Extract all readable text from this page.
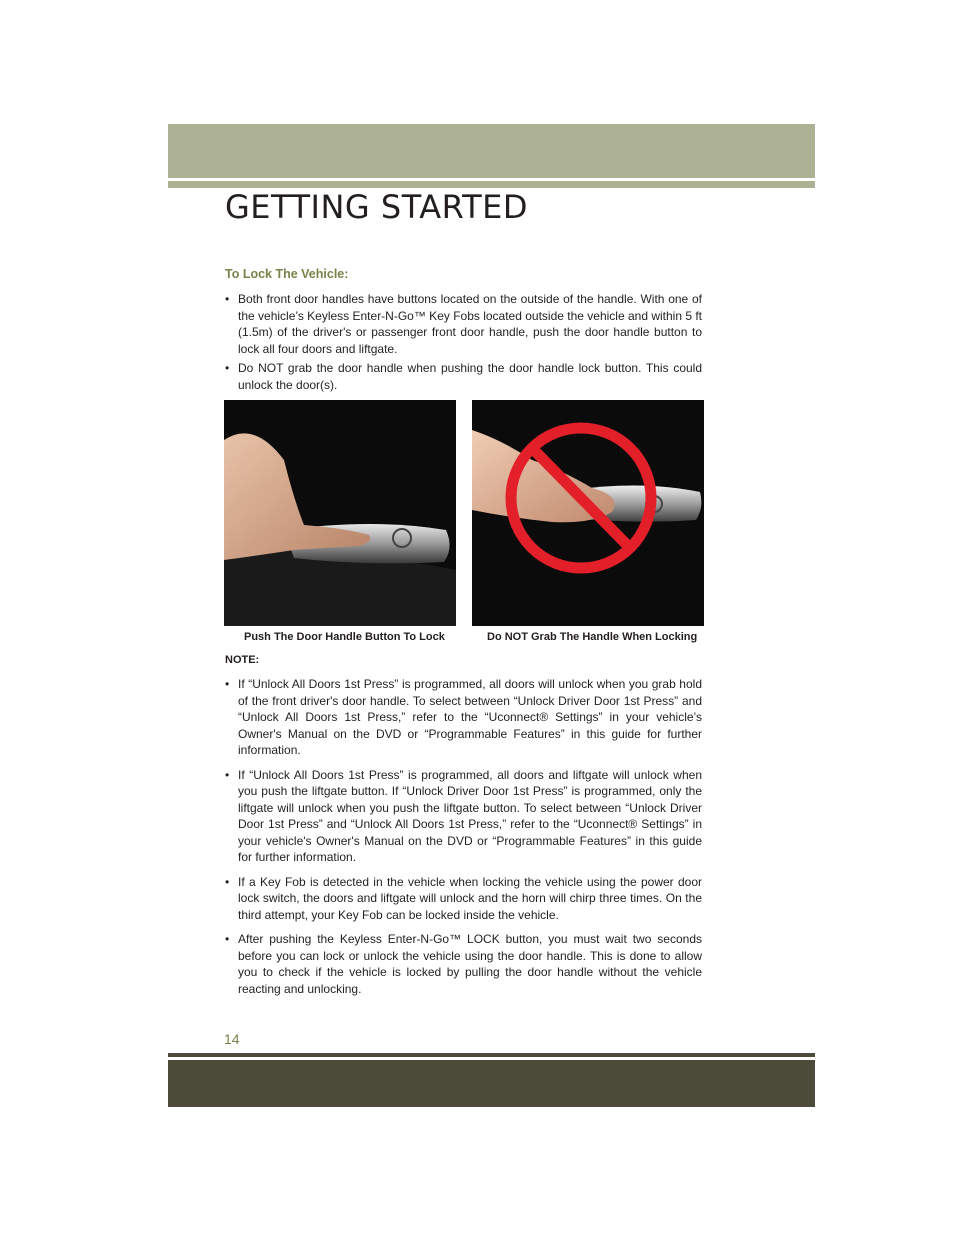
GETTING STARTED
To Lock The Vehicle:
• Both front door handles have buttons located on the outside of the handle. With one of the vehicle’s Keyless Enter-N-Go™ Key Fobs located outside the vehicle and within 5 ft (1.5m) of the driver's or passenger front door handle, push the door handle button to lock all four doors and liftgate.
• Do NOT grab the door handle when pushing the door handle lock button. This could unlock the door(s).

Push The Door Handle Button To Lock	Do NOT Grab The Handle When Locking

NOTE:

• If “Unlock All Doors 1st Press” is programmed, all doors will unlock when you grab hold of the front driver's door handle. To select between “Unlock Driver Door 1st Press” and “Unlock All Doors 1st Press,” refer to the “Uconnect® Settings” in your vehicle’s Owner's Manual on the DVD or “Programmable Features” in this guide for further information.
• If “Unlock All Doors 1st Press” is programmed, all doors and liftgate will unlock when you push the liftgate button. If “Unlock Driver Door 1st Press” is programmed, only the liftgate will unlock when you push the liftgate button. To select between “Unlock Driver Door 1st Press” and “Unlock All Doors 1st Press,” refer to the “Uconnect® Settings” in your vehicle's Owner's Manual on the DVD or “Programmable Features” in this guide for further information.
• If a Key Fob is detected in the vehicle when locking the vehicle using the power door lock switch, the doors and liftgate will unlock and the horn will chirp three times. On the third attempt, your Key Fob can be locked inside the vehicle.
• After pushing the Keyless Enter-N-Go™ LOCK button, you must wait two seconds before you can lock or unlock the vehicle using the door handle. This is done to allow you to check if the vehicle is locked by pulling the door handle without the vehicle reacting and unlocking.

14
